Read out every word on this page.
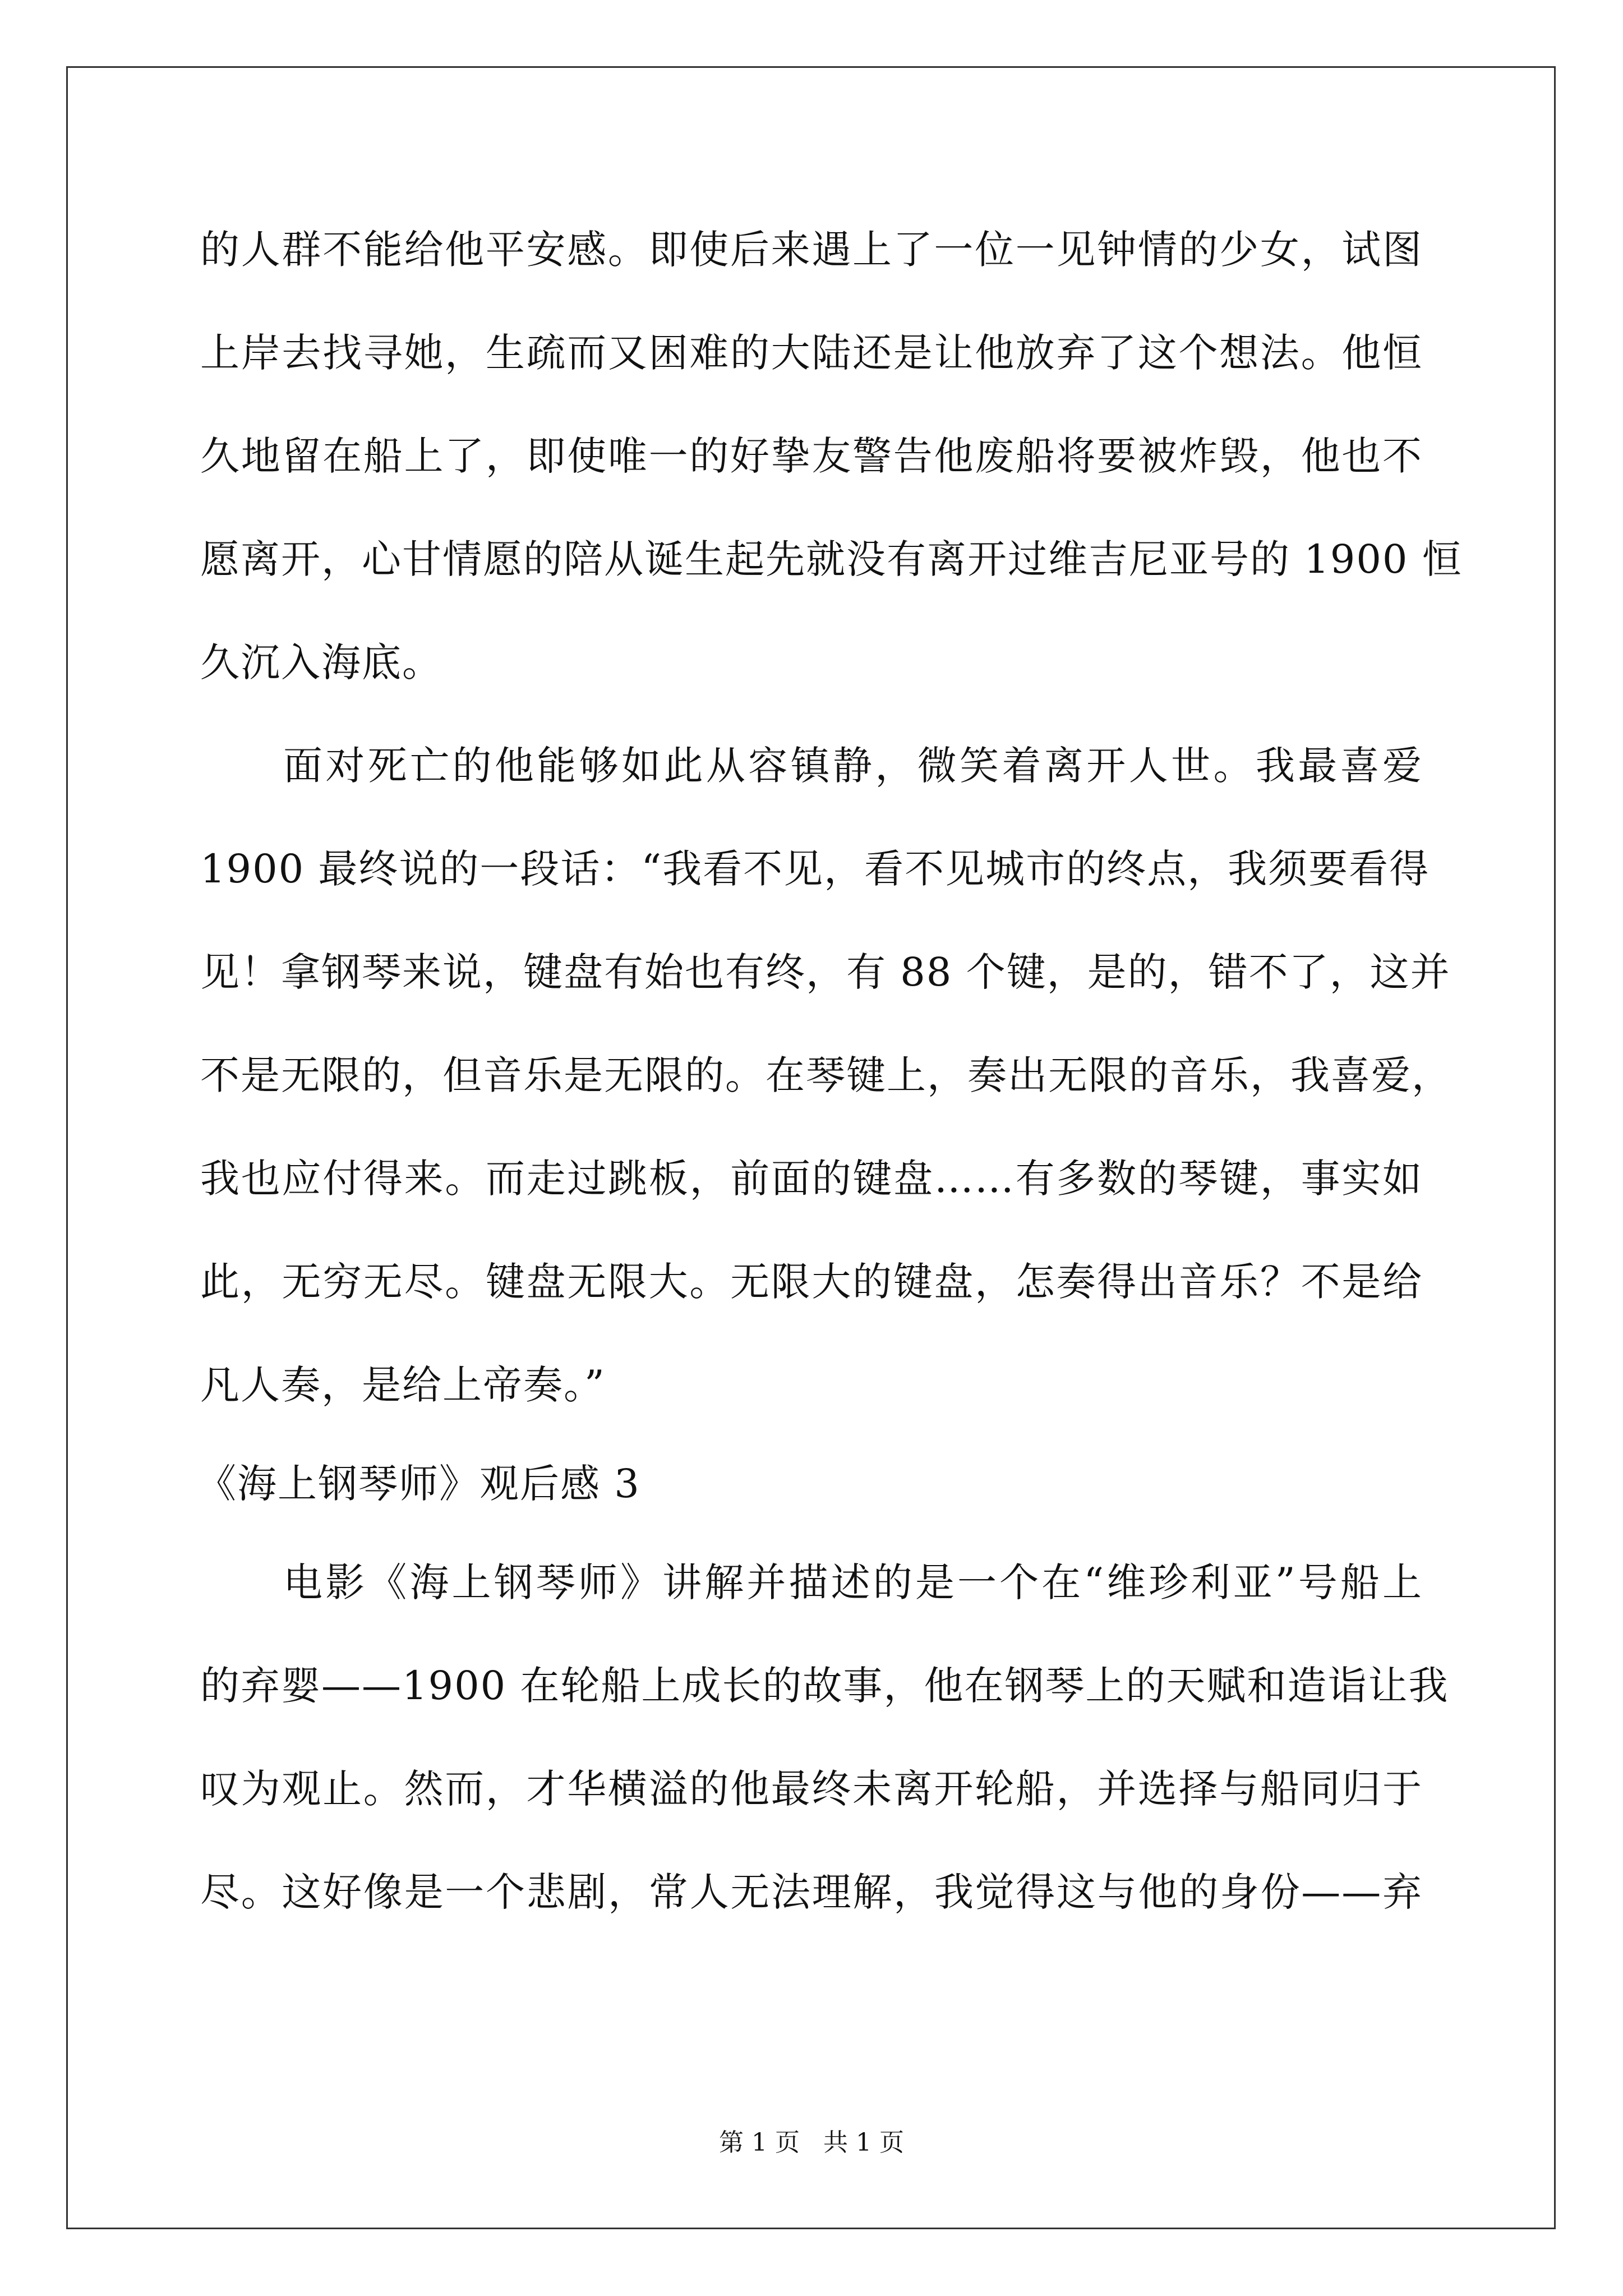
的人群不能给他平安感。即使后来遇上了一位一见钟情的少女，试图
上岸去找寻她，生疏而又困难的大陆还是让他放弃了这个想法。他恒
久地留在船上了，即使唯一的好挚友警告他废船将要被炸毁，他也不
愿离开，心甘情愿的陪从诞生起先就没有离开过维吉尼亚号的 1900 恒
久沉入海底。
面对死亡的他能够如此从容镇静，微笑着离开人世。我最喜爱
1900 最终说的一段话：“我看不见，看不见城市的终点，我须要看得
见！拿钢琴来说，键盘有始也有终，有 88 个键，是的，错不了，这并
不是无限的，但音乐是无限的。在琴键上，奏出无限的音乐，我喜爱，
我也应付得来。而走过跳板，前面的键盘……有多数的琴键，事实如
此，无穷无尽。键盘无限大。无限大的键盘，怎奏得出音乐？不是给
凡人奏，是给上帝奏。”
《海上钢琴师》观后感 3
电影《海上钢琴师》讲解并描述的是一个在“维珍利亚”号船上
的弃婴——1900 在轮船上成长的故事，他在钢琴上的天赋和造诣让我
叹为观止。然而，才华横溢的他最终未离开轮船，并选择与船同归于
尽。这好像是一个悲剧，常人无法理解，我觉得这与他的身份——弃
第 1 页   共 1 页
